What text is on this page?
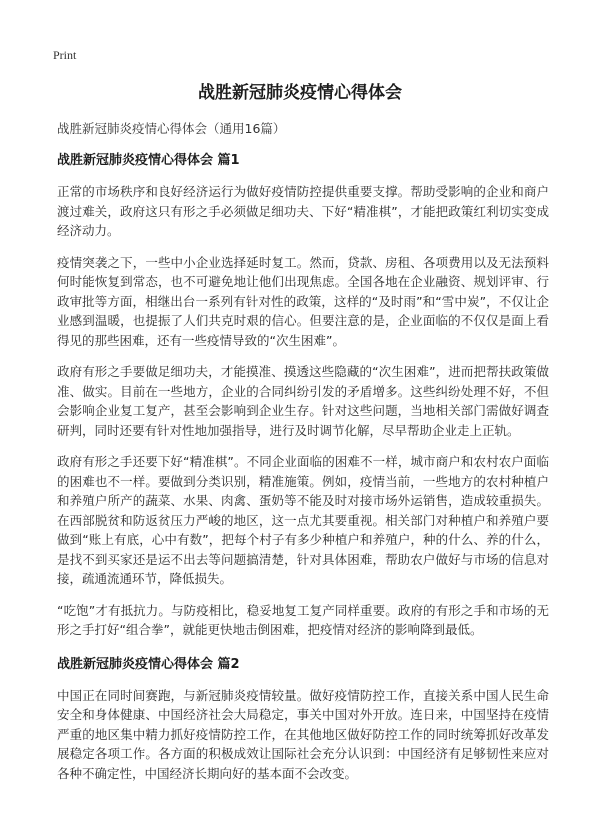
Print
战胜新冠肺炎疫情心得体会

战胜新冠肺炎疫情心得体会（通用16篇）

战胜新冠肺炎疫情心得体会 篇1

正常的市场秩序和良好经济运行为做好疫情防控提供重要支撑。帮助受影响的企业和商户渡过难关，政府这只有形之手必须做足细功夫、下好“精准棋”，才能把政策红利切实变成经济动力。

疫情突袭之下，一些中小企业选择延时复工。然而，贷款、房租、各项费用以及无法预料何时能恢复到常态，也不可避免地让他们出现焦虑。全国各地在企业融资、规划评审、行政审批等方面，相继出台一系列有针对性的政策，这样的“及时雨”和“雪中炭”，不仅让企业感到温暖，也提振了人们共克时艰的信心。但要注意的是，企业面临的不仅仅是面上看得见的那些困难，还有一些疫情导致的“次生困难”。

政府有形之手要做足细功夫，才能摸准、摸透这些隐藏的“次生困难”，进而把帮扶政策做准、做实。目前在一些地方，企业的合同纠纷引发的矛盾增多。这些纠纷处理不好，不但会影响企业复工复产，甚至会影响到企业生存。针对这些问题，当地相关部门需做好调查研判，同时还要有针对性地加强指导，进行及时调节化解，尽早帮助企业走上正轨。

政府有形之手还要下好“精准棋”。不同企业面临的困难不一样，城市商户和农村农户面临的困难也不一样。要做到分类识别，精准施策。例如，疫情当前，一些地方的农村种植户和养殖户所产的蔬菜、水果、肉禽、蛋奶等不能及时对接市场外运销售，造成较重损失。在西部脱贫和防返贫压力严峻的地区，这一点尤其要重视。相关部门对种植户和养殖户要做到“账上有底，心中有数”，把每个村子有多少种植户和养殖户，种的什么、养的什么，是找不到买家还是运不出去等问题搞清楚，针对具体困难，帮助农户做好与市场的信息对接，疏通流通环节，降低损失。

“吃饱”才有抵抗力。与防疫相比，稳妥地复工复产同样重要。政府的有形之手和市场的无形之手打好“组合拳”，就能更快地击倒困难，把疫情对经济的影响降到最低。

战胜新冠肺炎疫情心得体会 篇2

中国正在同时间赛跑，与新冠肺炎疫情较量。做好疫情防控工作，直接关系中国人民生命安全和身体健康、中国经济社会大局稳定，事关中国对外开放。连日来，中国坚持在疫情严重的地区集中精力抓好疫情防控工作，在其他地区做好防控工作的同时统筹抓好改革发展稳定各项工作。各方面的积极成效让国际社会充分认识到：中国经济有足够韧性来应对各种不确定性，中国经济长期向好的基本面不会改变。
